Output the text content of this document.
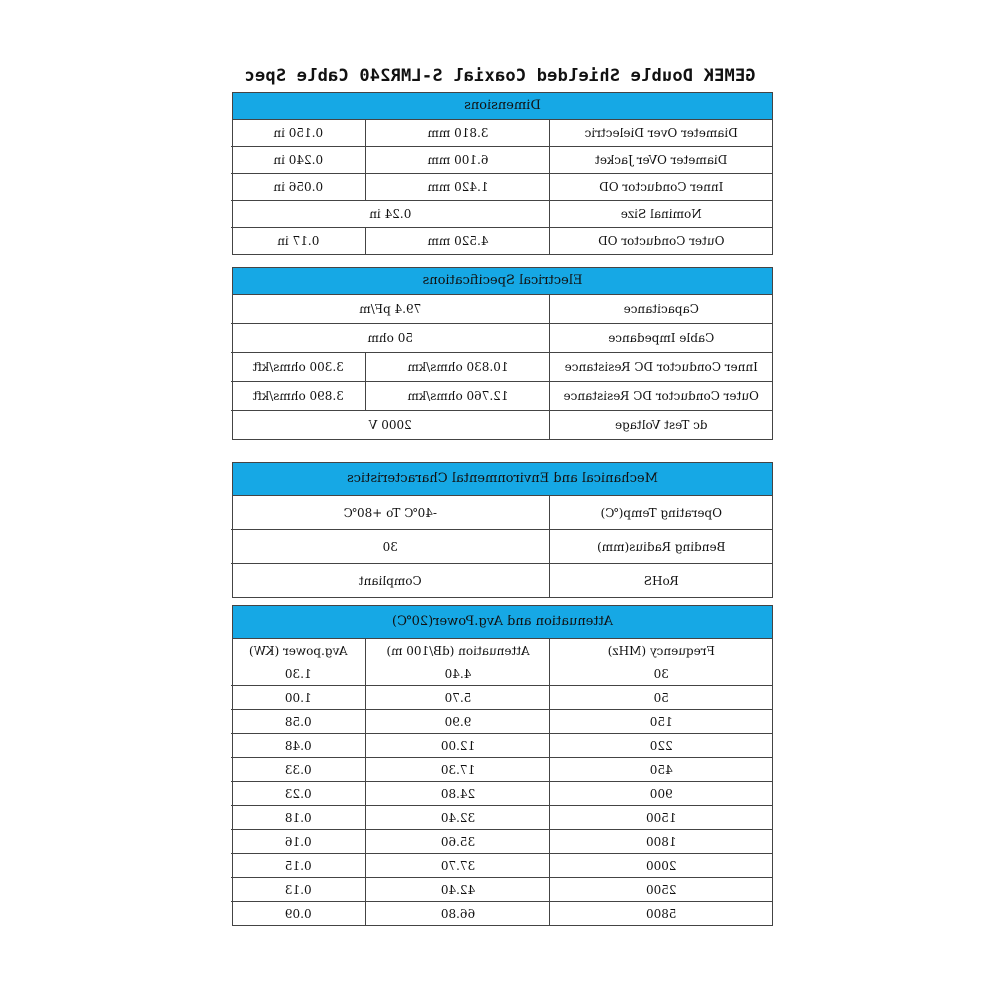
GEMEK Double Shielded Coaxial S-LMR240 Cable Spec
Dimensions
Diameter Over Dielectric	3.810 mm	0.150 in
Diameter OVer Jacket	6.100 mm	0.240 in
Inner Conductor OD	1.420 mm	0.056 in
Nominal Size	0.24 in	
Outer Conductor OD	4.520 mm	0.17 in
Electrical Specifications
Capacitance	79.4 pF/m	
Cable Impedance	50 ohm	
Inner Conductor DC Resistance	10.830 ohms/km	3.300 ohms/kft
Outer Conductor DC Resistance	12.760 ohms/km	3.890 ohms/kft
dc Test Voltage	2000 V	
Mechanical and Environmental Characteristics
Operating Temp(℃)	-40℃ To +80℃
Bending Radius(mm)	30
RoHS	Compliant
Attenuation and Avg.Power(20℃)
Frequency (MHz)	Attenuation (dB/100 m)	Avg.power (KW)
30	4.40	1.30
50	5.70	1.00
150	9.90	0.58
220	12.00	0.48
450	17.30	0.33
900	24.80	0.23
1500	32.40	0.18
1800	35.60	0.16
2000	37.70	0.15
2500	42.40	0.13
5800	66.80	0.09
